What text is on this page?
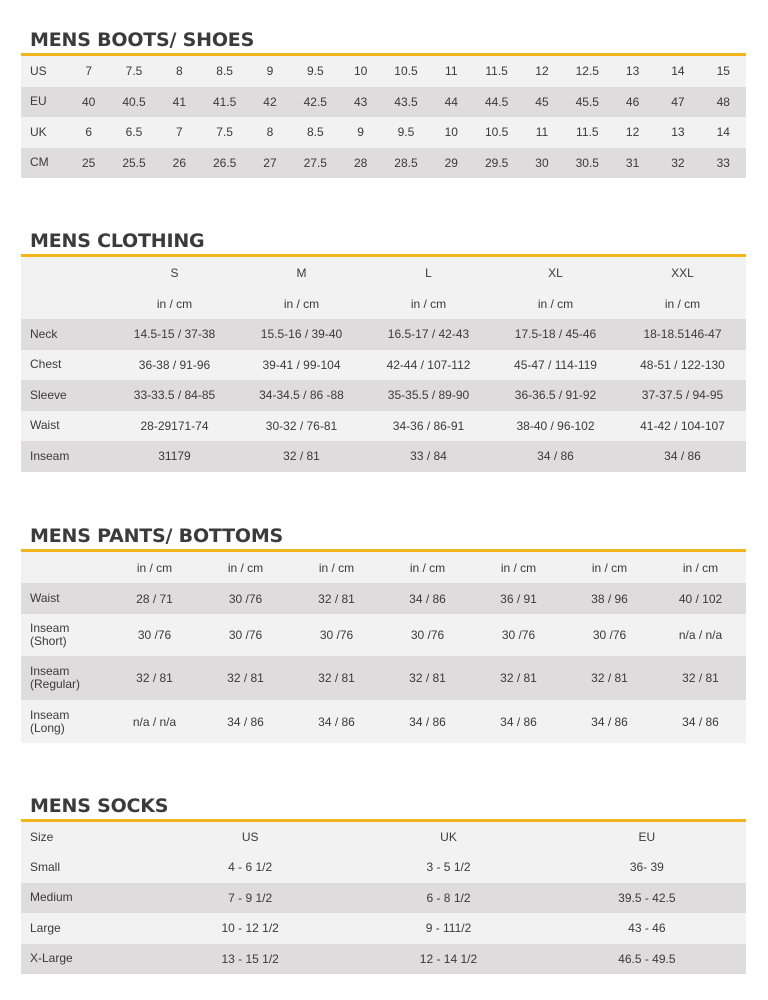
MENS BOOTS/ SHOES
US	7	7.5	8	8.5	9	9.5	10	10.5	11	11.5	12	12.5	13	14	15
EU	40	40.5	41	41.5	42	42.5	43	43.5	44	44.5	45	45.5	46	47	48
UK	6	6.5	7	7.5	8	8.5	9	9.5	10	10.5	11	11.5	12	13	14
CM	25	25.5	26	26.5	27	27.5	28	28.5	29	29.5	30	30.5	31	32	33
MENS CLOTHING
	S	M	L	XL	XXL
	in / cm	in / cm	in / cm	in / cm	in / cm
Neck	14.5-15 / 37-38	15.5-16 / 39-40	16.5-17 / 42-43	17.5-18 / 45-46	18-18.5146-47
Chest	36-38 / 91-96	39-41 / 99-104	42-44 / 107-112	45-47 / 114-119	48-51 / 122-130
Sleeve	33-33.5 / 84-85	34-34.5 / 86 -88	35-35.5 / 89-90	36-36.5 / 91-92	37-37.5 / 94-95
Waist	28-29171-74	30-32 / 76-81	34-36 / 86-91	38-40 / 96-102	41-42 / 104-107
Inseam	31179	32 / 81	33 / 84	34 / 86	34 / 86
MENS PANTS/ BOTTOMS
	in / cm	in / cm	in / cm	in / cm	in / cm	in / cm	in / cm

Waist	28 / 71	30 /76	32 / 81	34 / 86	36 / 91	38 / 96	40 / 102

Inseam
(Short)	30 /76	30 /76	30 /76	30 /76	30 /76	30 /76	n/a / n/a

Inseam
(Regular)	32 / 81	32 / 81	32 / 81	32 / 81	32 / 81	32 / 81	32 / 81

Inseam
(Long)	n/a / n/a	34 / 86	34 / 86	34 / 86	34 / 86	34 / 86	34 / 86
MENS SOCKS
Size	US	UK	EU
Small	4 - 6 1/2	3 - 5 1/2	36- 39
Medium	7 - 9 1/2	6 - 8 1/2	39.5 - 42.5
Large	10 - 12 1/2	9 - 111/2	43 - 46
X-Large	13 - 15 1/2	12 - 14 1/2	46.5 - 49.5
